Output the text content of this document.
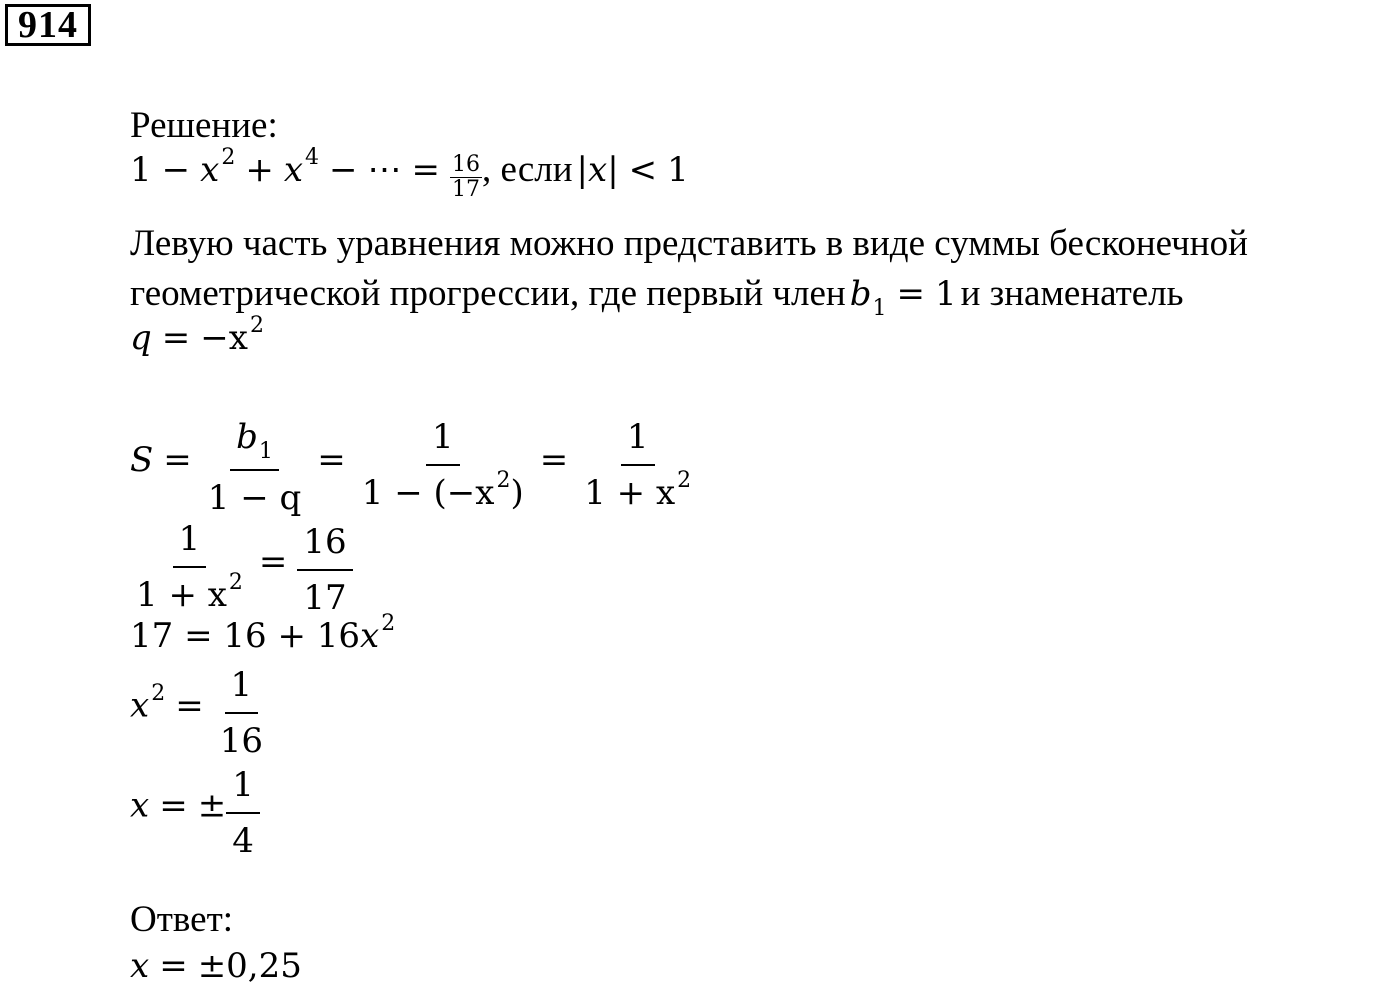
914
Решение:
1 − x2 + x4 − ⋯ = $\frac{16}{17}$ , если |x| < 1
Левую часть уравнения можно представить в виде суммы бесконечной
геометрической прогрессии, где первый член b1 = 1 и знаменатель
q = −x2
$S = \frac{b_1}{1 - q} = \frac{1}{1 - (-x^2)} = \frac{1}{1 + x^2}$
$\frac{1}{1 + x^2} = \frac{16}{17}$
17 = 16 + 16x2
$x2 = \frac{1}{16}$
x = ± $\frac{1}{4}$
Ответ:
x = ±0,25
